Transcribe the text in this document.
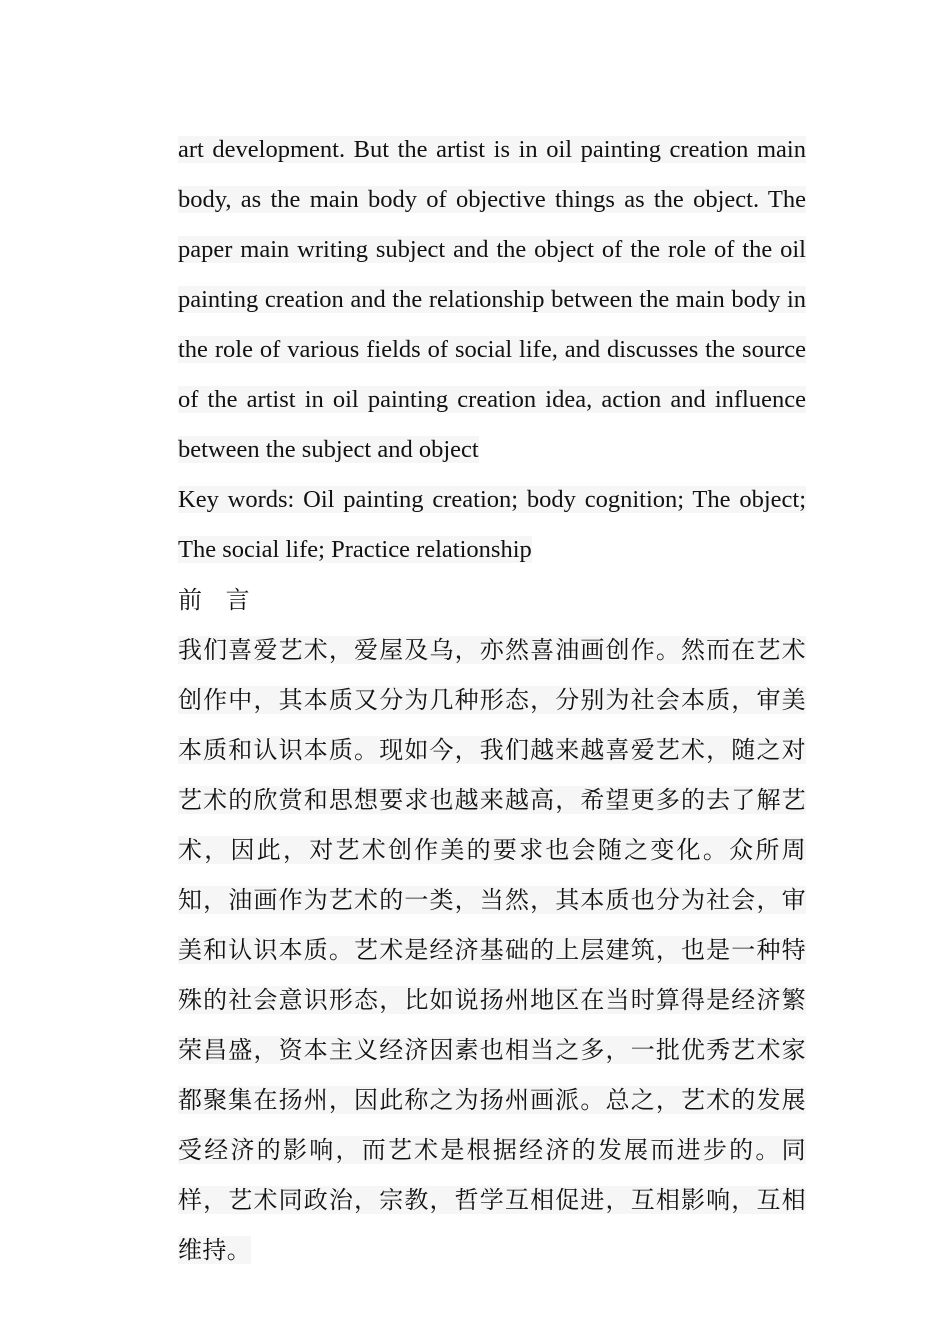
art development. But the artist is in oil painting creation main body, as the main body of objective things as the object. The paper main writing subject and the object of the role of the oil painting creation and the relationship between the main body in the role of various fields of social life, and discusses the source of the artist in oil painting creation idea, action and influence between the subject and object

Key words: Oil painting creation; body cognition; The object; The social life; Practice relationship

前 言

我们喜爱艺术，爱屋及乌，亦然喜油画创作。然而在艺术创作中，其本质又分为几种形态，分别为社会本质，审美本质和认识本质。现如今，我们越来越喜爱艺术，随之对艺术的欣赏和思想要求也越来越高，希望更多的去了解艺术，因此，对艺术创作美的要求也会随之变化。众所周知，油画作为艺术的一类，当然，其本质也分为社会，审美和认识本质。艺术是经济基础的上层建筑，也是一种特殊的社会意识形态，比如说扬州地区在当时算得是经济繁荣昌盛，资本主义经济因素也相当之多，一批优秀艺术家都聚集在扬州，因此称之为扬州画派。总之，艺术的发展受经济的影响，而艺术是根据经济的发展而进步的。同样，艺术同政治，宗教，哲学互相促进，互相影响，互相维持。
